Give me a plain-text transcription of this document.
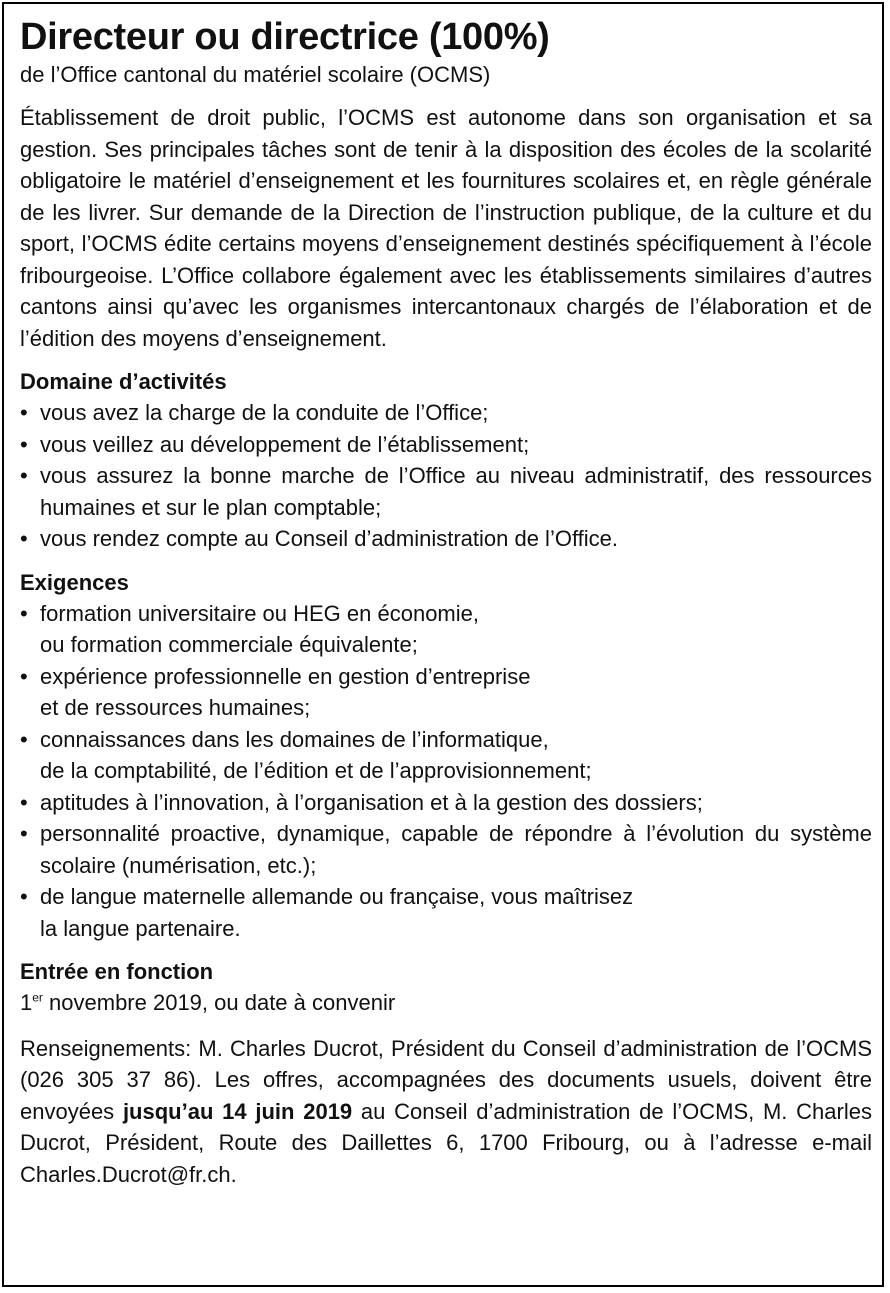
Directeur ou directrice (100%)
de l’Office cantonal du matériel scolaire (OCMS)

Établissement de droit public, l’OCMS est autonome dans son organisation et sa gestion. Ses principales tâches sont de tenir à la disposition des écoles de la scolarité obligatoire le matériel d’enseignement et les fournitures scolaires et, en règle générale de les livrer. Sur demande de la Direction de l’instruction publique, de la culture et du sport, l’OCMS édite certains moyens d’enseignement destinés spécifiquement à l’école fribourgeoise. L’Office collabore également avec les établissements similaires d’autres cantons ainsi qu’avec les organismes intercantonaux chargés de l’élaboration et de l’édition des moyens d’enseignement.

Domaine d’activités
• vous avez la charge de la conduite de l’Office;
• vous veillez au développement de l’établissement;
• vous assurez la bonne marche de l’Office au niveau administratif, des ressources humaines et sur le plan comptable;
• vous rendez compte au Conseil d’administration de l’Office.
Exigences
• formation universitaire ou HEG en économie,
ou formation commerciale équivalente;
• expérience professionnelle en gestion d’entreprise
et de ressources humaines;
• connaissances dans les domaines de l’informatique,
de la comptabilité, de l’édition et de l’approvisionnement;
• aptitudes à l’innovation, à l’organisation et à la gestion des dossiers;
• personnalité proactive, dynamique, capable de répondre à l’évolution du système scolaire (numérisation, etc.);
• de langue maternelle allemande ou française, vous maîtrisez
la langue partenaire.
Entrée en fonction

1er novembre 2019, ou date à convenir

Renseignements: M. Charles Ducrot, Président du Conseil d’administration de l’OCMS (026 305 37 86). Les offres, accompagnées des documents usuels, doivent être envoyées jusqu’au 14 juin 2019 au Conseil d’administration de l’OCMS, M. Charles Ducrot, Président, Route des Daillettes 6, 1700 Fribourg, ou à l’adresse e-mail Charles.Ducrot@fr.ch.
